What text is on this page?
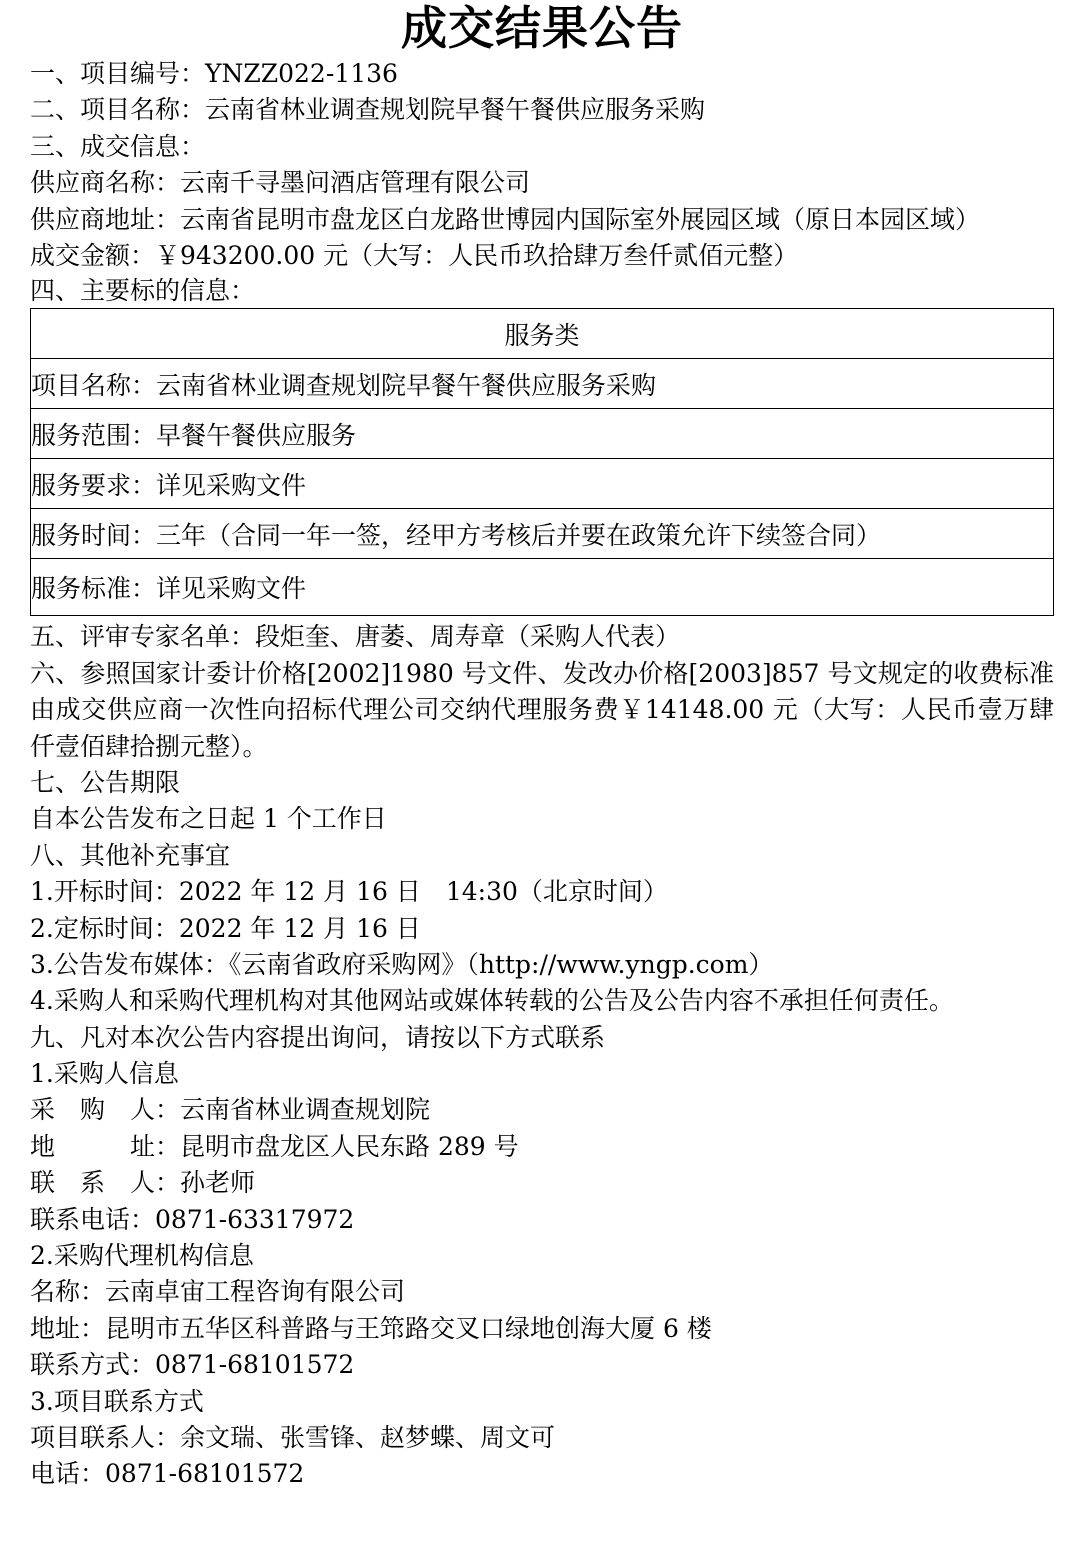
成交结果公告

一、项目编号：YNZZ022-1136

二、项目名称：云南省林业调查规划院早餐午餐供应服务采购

三、成交信息：

供应商名称：云南千寻墨问酒店管理有限公司

供应商地址：云南省昆明市盘龙区白龙路世博园内国际室外展园区域（原日本园区域）

成交金额：￥943200.00 元（大写：人民币玖拾肆万叁仟贰佰元整）

四、主要标的信息：

服务类
项目名称：云南省林业调查规划院早餐午餐供应服务采购
服务范围：早餐午餐供应服务
服务要求：详见采购文件
服务时间：三年（合同一年一签，经甲方考核后并要在政策允许下续签合同）
服务标准：详见采购文件

五、评审专家名单：段炬奎、唐萎、周寿章（采购人代表）

六、参照国家计委计价格[2002]1980 号文件、发改办价格[2003]857 号文规定的收费标准由成交供应商一次性向招标代理公司交纳代理服务费￥14148.00 元（大写：人民币壹万肆仟壹佰肆拾捌元整）。

七、公告期限

自本公告发布之日起 1 个工作日

八、其他补充事宜

1.开标时间：2022 年 12 月 16 日　14:30（北京时间）

2.定标时间：2022 年 12 月 16 日

3.公告发布媒体：《云南省政府采购网》（http://www.yngp.com）

4.采购人和采购代理机构对其他网站或媒体转载的公告及公告内容不承担任何责任。

九、凡对本次公告内容提出询问，请按以下方式联系

1.采购人信息

采　购　人：云南省林业调查规划院

地　　　址：昆明市盘龙区人民东路 289 号

联　系　人：孙老师

联系电话：0871-63317972

2.采购代理机构信息

名称：云南卓宙工程咨询有限公司

地址：昆明市五华区科普路与王筇路交叉口绿地创海大厦 6 楼

联系方式：0871-68101572

3.项目联系方式

项目联系人：余文瑞、张雪锋、赵梦蝶、周文可

电话：0871-68101572
